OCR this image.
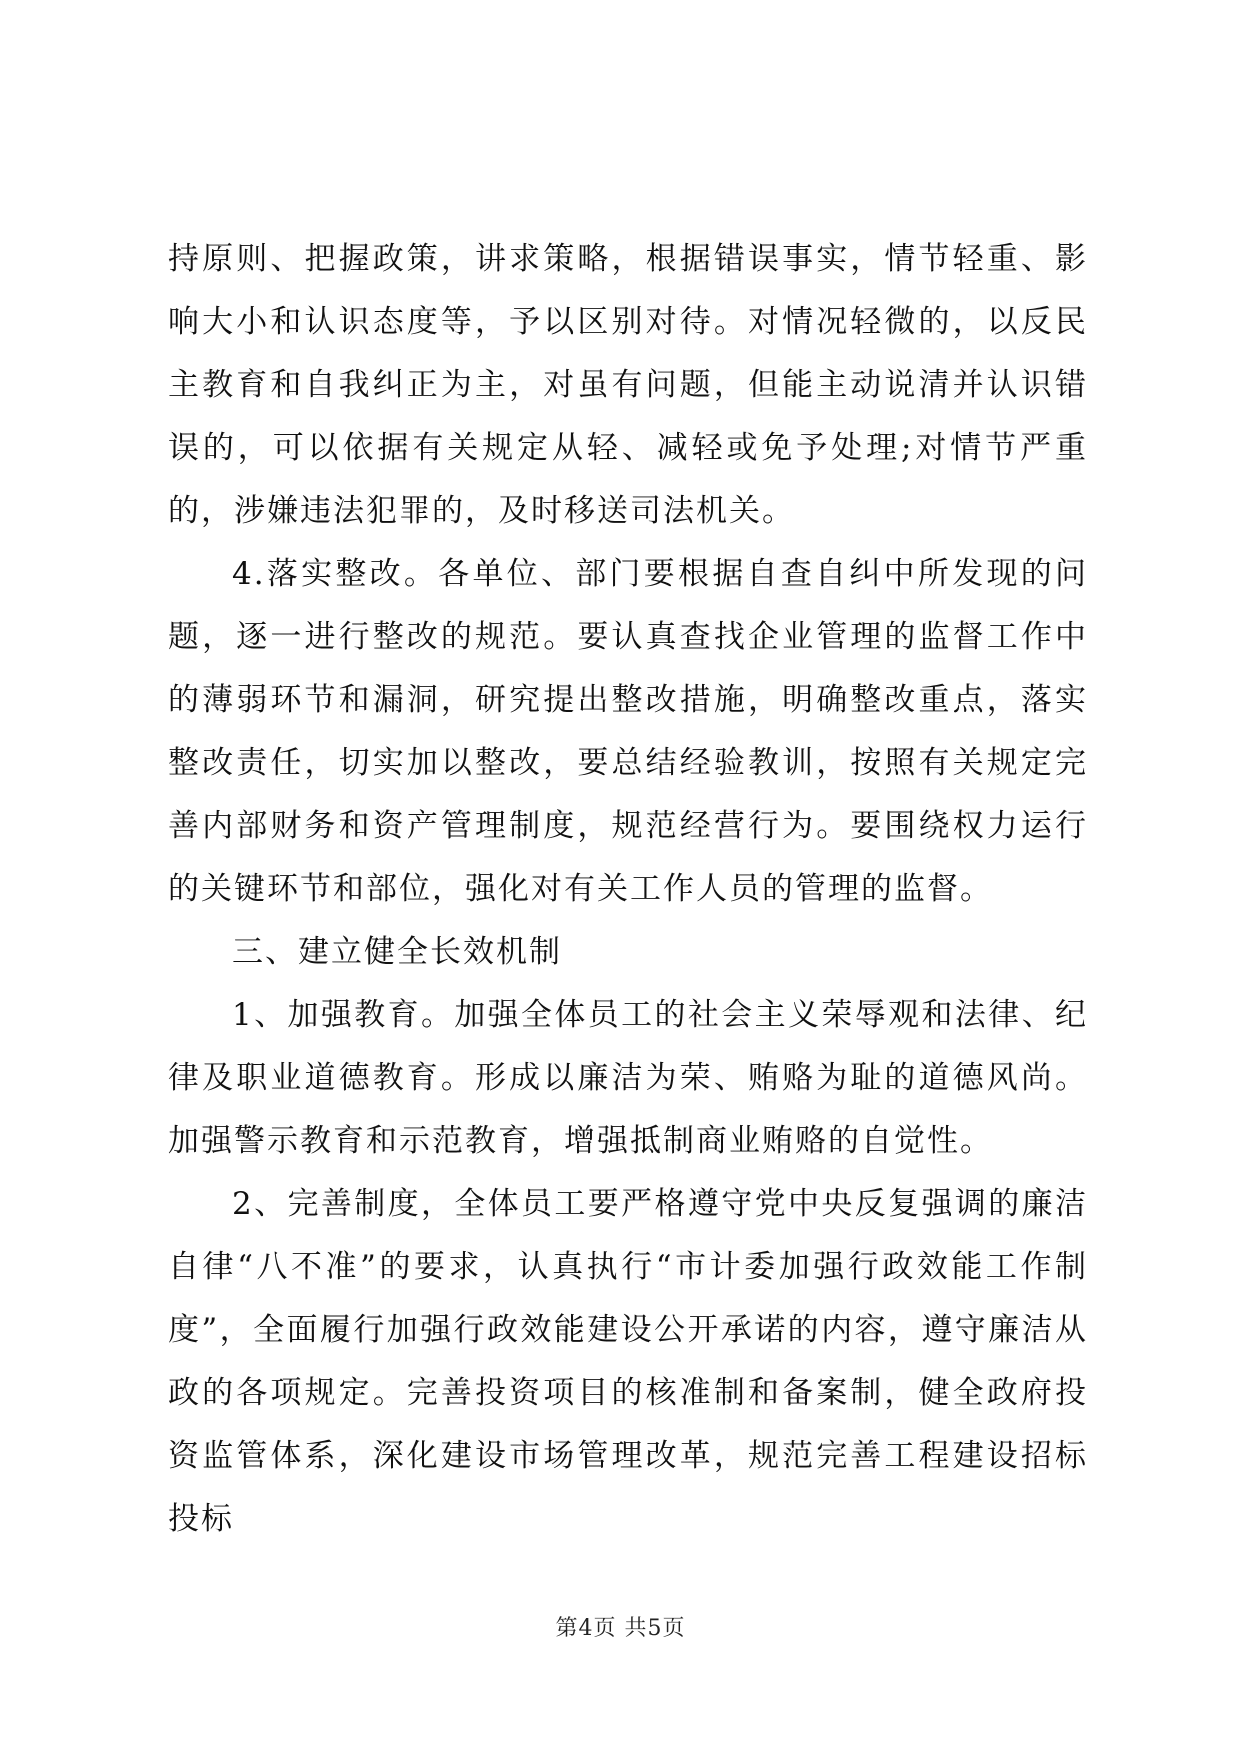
持原则、把握政策，讲求策略，根据错误事实，情节轻重、影响大小和认识态度等，予以区别对待。对情况轻微的，以反民主教育和自我纠正为主，对虽有问题，但能主动说清并认识错误的，可以依据有关规定从轻、减轻或免予处理;对情节严重的，涉嫌违法犯罪的，及时移送司法机关。

4.落实整改。各单位、部门要根据自查自纠中所发现的问题，逐一进行整改的规范。要认真查找企业管理的监督工作中的薄弱环节和漏洞，研究提出整改措施，明确整改重点，落实整改责任，切实加以整改，要总结经验教训，按照有关规定完善内部财务和资产管理制度，规范经营行为。要围绕权力运行的关键环节和部位，强化对有关工作人员的管理的监督。

三、建立健全长效机制

1、加强教育。加强全体员工的社会主义荣辱观和法律、纪律及职业道德教育。形成以廉洁为荣、贿赂为耻的道德风尚。加强警示教育和示范教育，增强抵制商业贿赂的自觉性。

2、完善制度，全体员工要严格遵守党中央反复强调的廉洁自律“八不准”的要求，认真执行“市计委加强行政效能工作制度”，全面履行加强行政效能建设公开承诺的内容，遵守廉洁从政的各项规定。完善投资项目的核准制和备案制，健全政府投资监管体系，深化建设市场管理改革，规范完善工程建设招标投标

第4页 共5页
